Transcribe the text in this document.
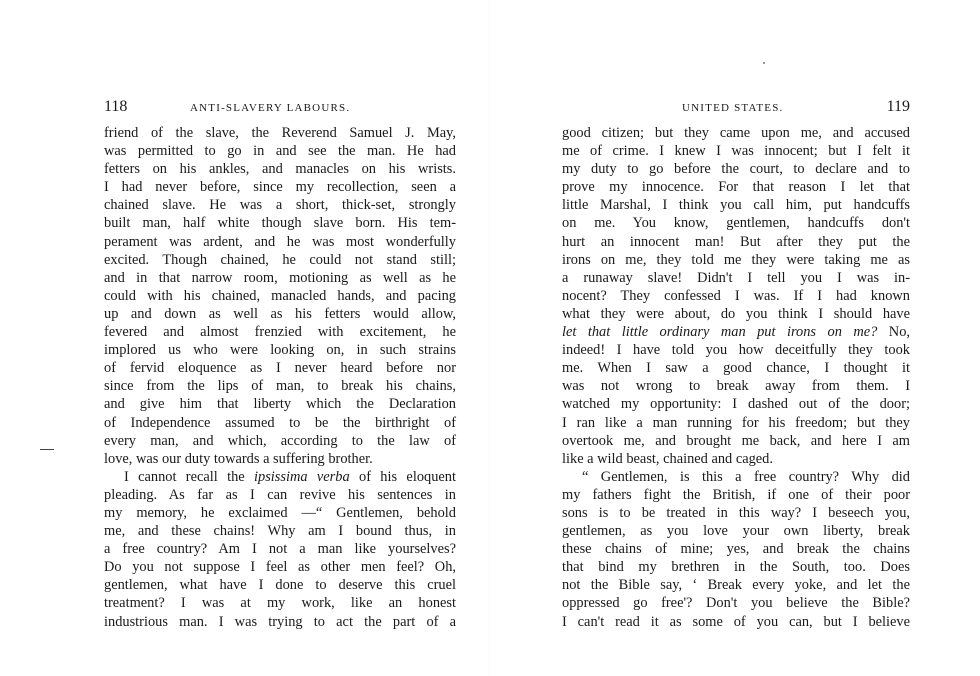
118	ANTI-SLAVERY LABOURS.
friend of the slave, the Reverend Samuel J. May,
was permitted to go in and see the man. He had
fetters on his ankles, and manacles on his wrists.
I had never before, since my recollection, seen a
chained slave. He was a short, thick-set, strongly
built man, half white though slave born. His tem-
perament was ardent, and he was most wonderfully
excited. Though chained, he could not stand still;
and in that narrow room, motioning as well as he
could with his chained, manacled hands, and pacing
up and down as well as his fetters would allow,
fevered and almost frenzied with excitement, he
implored us who were looking on, in such strains
of fervid eloquence as I never heard before nor
since from the lips of man, to break his chains,
and give him that liberty which the Declaration
of Independence assumed to be the birthright of
every man, and which, according to the law of
love, was our duty towards a suffering brother.
I cannot recall the ipsissima verba of his eloquent
pleading. As far as I can revive his sentences in
my memory, he exclaimed —“ Gentlemen, behold
me, and these chains! Why am I bound thus, in
a free country? Am I not a man like yourselves?
Do you not suppose I feel as other men feel? Oh,
gentlemen, what have I done to deserve this cruel
treatment? I was at my work, like an honest
industrious man. I was trying to act the part of a
UNITED STATES.	119
good citizen; but they came upon me, and accused
me of crime. I knew I was innocent; but I felt it
my duty to go before the court, to declare and to
prove my innocence. For that reason I let that
little Marshal, I think you call him, put handcuffs
on me. You know, gentlemen, handcuffs don't
hurt an innocent man! But after they put the
irons on me, they told me they were taking me as
a runaway slave! Didn't I tell you I was in-
nocent? They confessed I was. If I had known
what they were about, do you think I should have
let that little ordinary man put irons on me? No,
indeed! I have told you how deceitfully they took
me. When I saw a good chance, I thought it
was not wrong to break away from them. I
watched my opportunity: I dashed out of the door;
I ran like a man running for his freedom; but they
overtook me, and brought me back, and here I am
like a wild beast, chained and caged.
“ Gentlemen, is this a free country? Why did
my fathers fight the British, if one of their poor
sons is to be treated in this way? I beseech you,
gentlemen, as you love your own liberty, break
these chains of mine; yes, and break the chains
that bind my brethren in the South, too. Does
not the Bible say, ‘ Break every yoke, and let the
oppressed go free'? Don't you believe the Bible?
I can't read it as some of you can, but I believe
